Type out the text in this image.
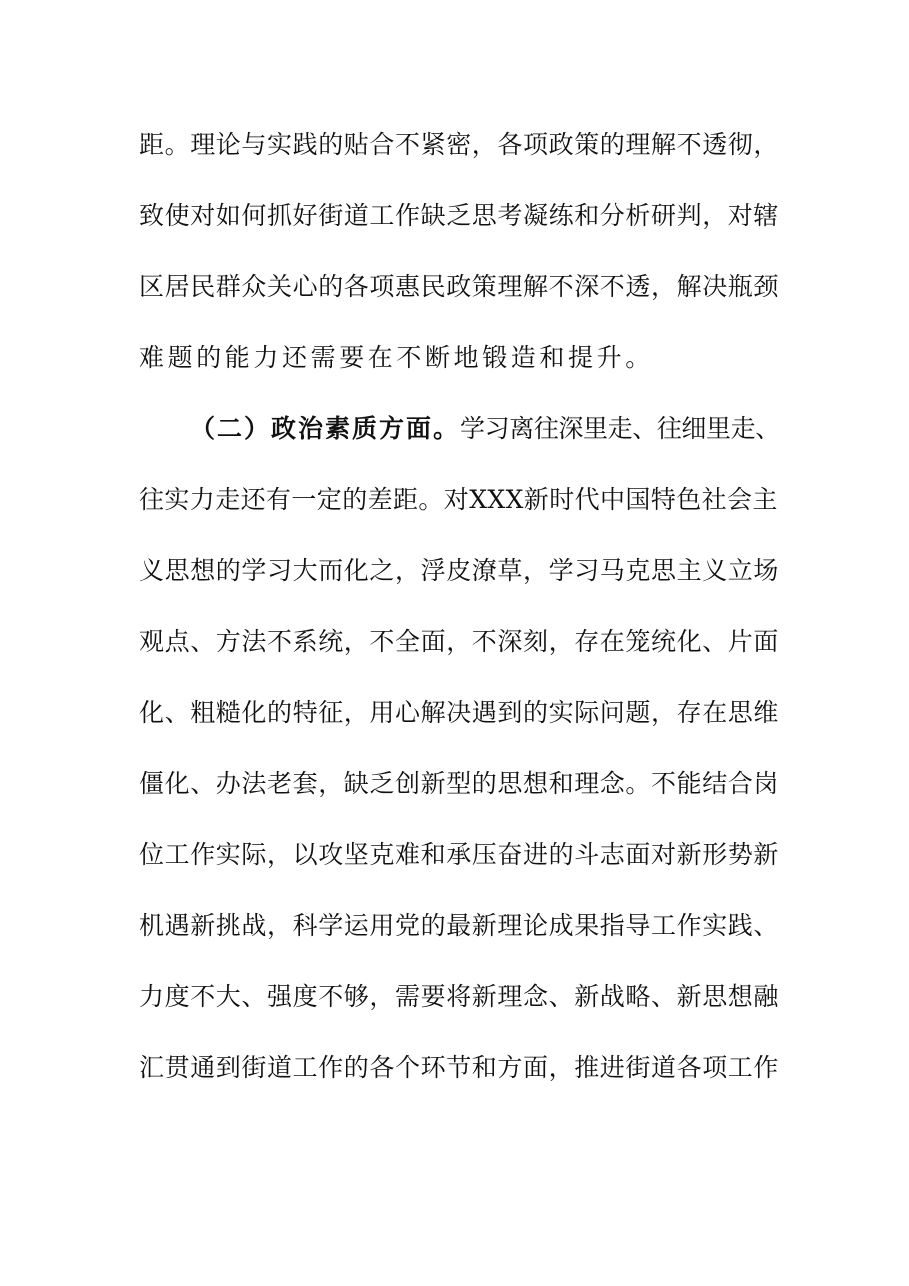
距。理论与实践的贴合不紧密，各项政策的理解不透彻，
致使对如何抓好街道工作缺乏思考凝练和分析研判，对辖
区居民群众关心的各项惠民政策理解不深不透，解决瓶颈
难题的能力还需要在不断地锻造和提升。
（二）政治素质方面。学习离往深里走、往细里走、
往实力走还有一定的差距。对XXX新时代中国特色社会主
义思想的学习大而化之，浮皮潦草，学习马克思主义立场
观点、方法不系统，不全面，不深刻，存在笼统化、片面
化、粗糙化的特征，用心解决遇到的实际问题，存在思维
僵化、办法老套，缺乏创新型的思想和理念。不能结合岗
位工作实际，以攻坚克难和承压奋进的斗志面对新形势新
机遇新挑战，科学运用党的最新理论成果指导工作实践、
力度不大、强度不够，需要将新理念、新战略、新思想融
汇贯通到街道工作的各个环节和方面，推进街道各项工作
